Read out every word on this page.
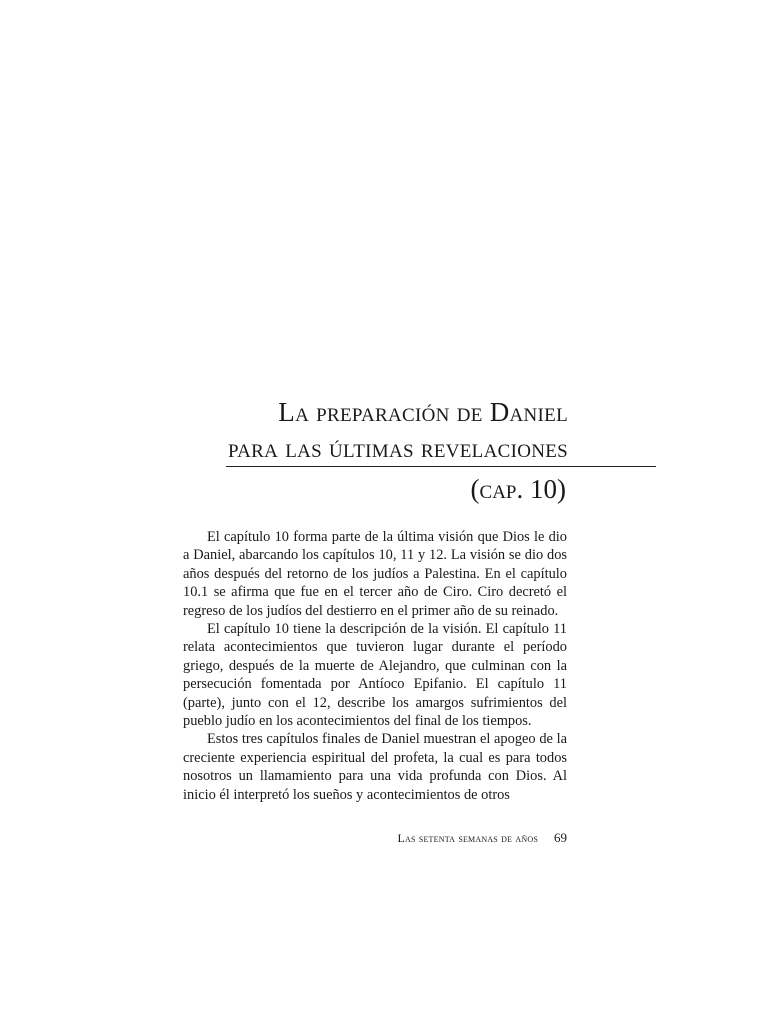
La preparación de Daniel
para las últimas revelaciones
(cap. 10)

El capítulo 10 forma parte de la última visión que Dios le dio a Daniel, abarcando los capítulos 10, 11 y 12. La visión se dio dos años después del retorno de los judíos a Palestina. En el capítulo 10.1 se afirma que fue en el tercer año de Ciro. Ciro decretó el regreso de los judíos del destierro en el primer año de su reinado.

El capítulo 10 tiene la descripción de la visión. El capítulo 11 relata acontecimientos que tuvieron lugar durante el período griego, después de la muerte de Alejandro, que culminan con la persecución fomentada por Antíoco Epifanio. El capítulo 11 (parte), junto con el 12, describe los amargos sufrimientos del pueblo judío en los acontecimientos del final de los tiempos.

Estos tres capítulos finales de Daniel muestran el apogeo de la creciente experiencia espiritual del profeta, la cual es para todos nosotros un llamamiento para una vida profunda con Dios. Al inicio él interpretó los sueños y acontecimientos de otros

Las setenta semanas de años 69
